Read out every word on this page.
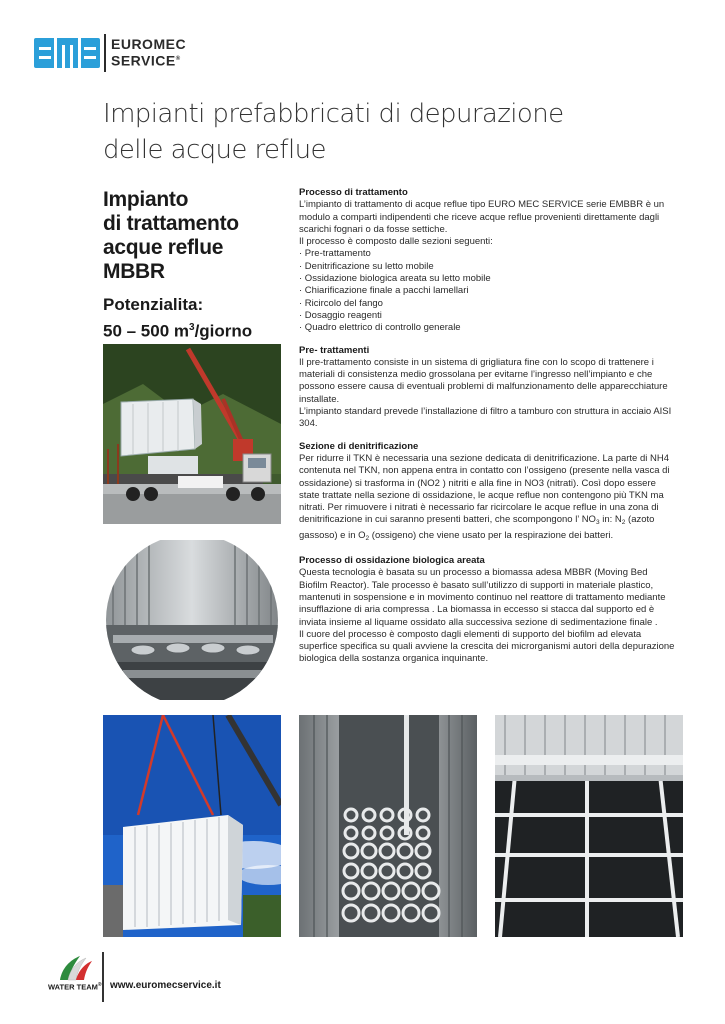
EUROMEC
SERVICE®
Impianti prefabbricati di depurazione
delle acque reflue
Impianto
di trattamento
acque reflue
MBBR
Potenzialita:
50 – 500 $m^3$/giorno
Processo di trattamento
L’impianto di trattamento di acque reflue tipo EURO MEC SERVICE serie EMBBR è un modulo a comparti indipendenti che riceve acque reflue provenienti direttamente dagli scarichi fognari o da fosse settiche.
Il processo è composto dalle sezioni seguenti:
· Pre-trattamento
· Denitrificazione su letto mobile
· Ossidazione biologica areata su letto mobile
· Chiarificazione finale a pacchi lamellari
· Ricircolo del fango
· Dosaggio reagenti
· Quadro elettrico di controllo generale
Pre- trattamenti
Il pre-trattamento consiste in un sistema di grigliatura fine con lo scopo di trattenere i materiali di consistenza medio grossolana per evitarne l’ingresso nell’impianto e che possono essere causa di eventuali problemi di malfunzionamento delle apparecchiature installate.
L’impianto standard prevede l’installazione di filtro a tamburo con struttura in acciaio AISI 304.
Sezione di denitrificazione
Per ridurre il TKN è necessaria una sezione dedicata di denitrificazione. La parte di NH4 contenuta nel TKN, non appena entra in contatto con l’ossigeno (presente nella vasca di ossidazione) si trasforma in (NO2 ) nitriti e alla fine in NO3 (nitrati). Così dopo essere state trattate nella sezione di ossidazione, le acque reflue non contengono più TKN ma nitrati. Per rimuovere i nitrati è necessario far ricircolare le acque reflue in una zona di denitrificazione in cui saranno presenti batteri, che scompongono l’ $NO_3$ in: $N_2$ (azoto gassoso) e in $O_2$ (ossigeno) che viene usato per la respirazione dei batteri.
Processo di ossidazione biologica areata
Questa tecnologia è basata su un processo a biomassa adesa MBBR (Moving Bed Biofilm Reactor). Tale processo è basato sull’utilizzo di supporti in materiale plastico, mantenuti in sospensione e in movimento continuo nel reattore di trattamento mediante insufflazione di aria compressa . La biomassa in eccesso si stacca dal supporto ed è inviata insieme al liquame ossidato alla successiva sezione di sedimentazione finale .
Il cuore del processo è composto dagli elementi di supporto del biofilm ad elevata superfice specifica su quali avviene la crescita dei microrganismi autori della depurazione biologica della sostanza organica inquinante.
WATER TEAM® www.euromecservice.it
